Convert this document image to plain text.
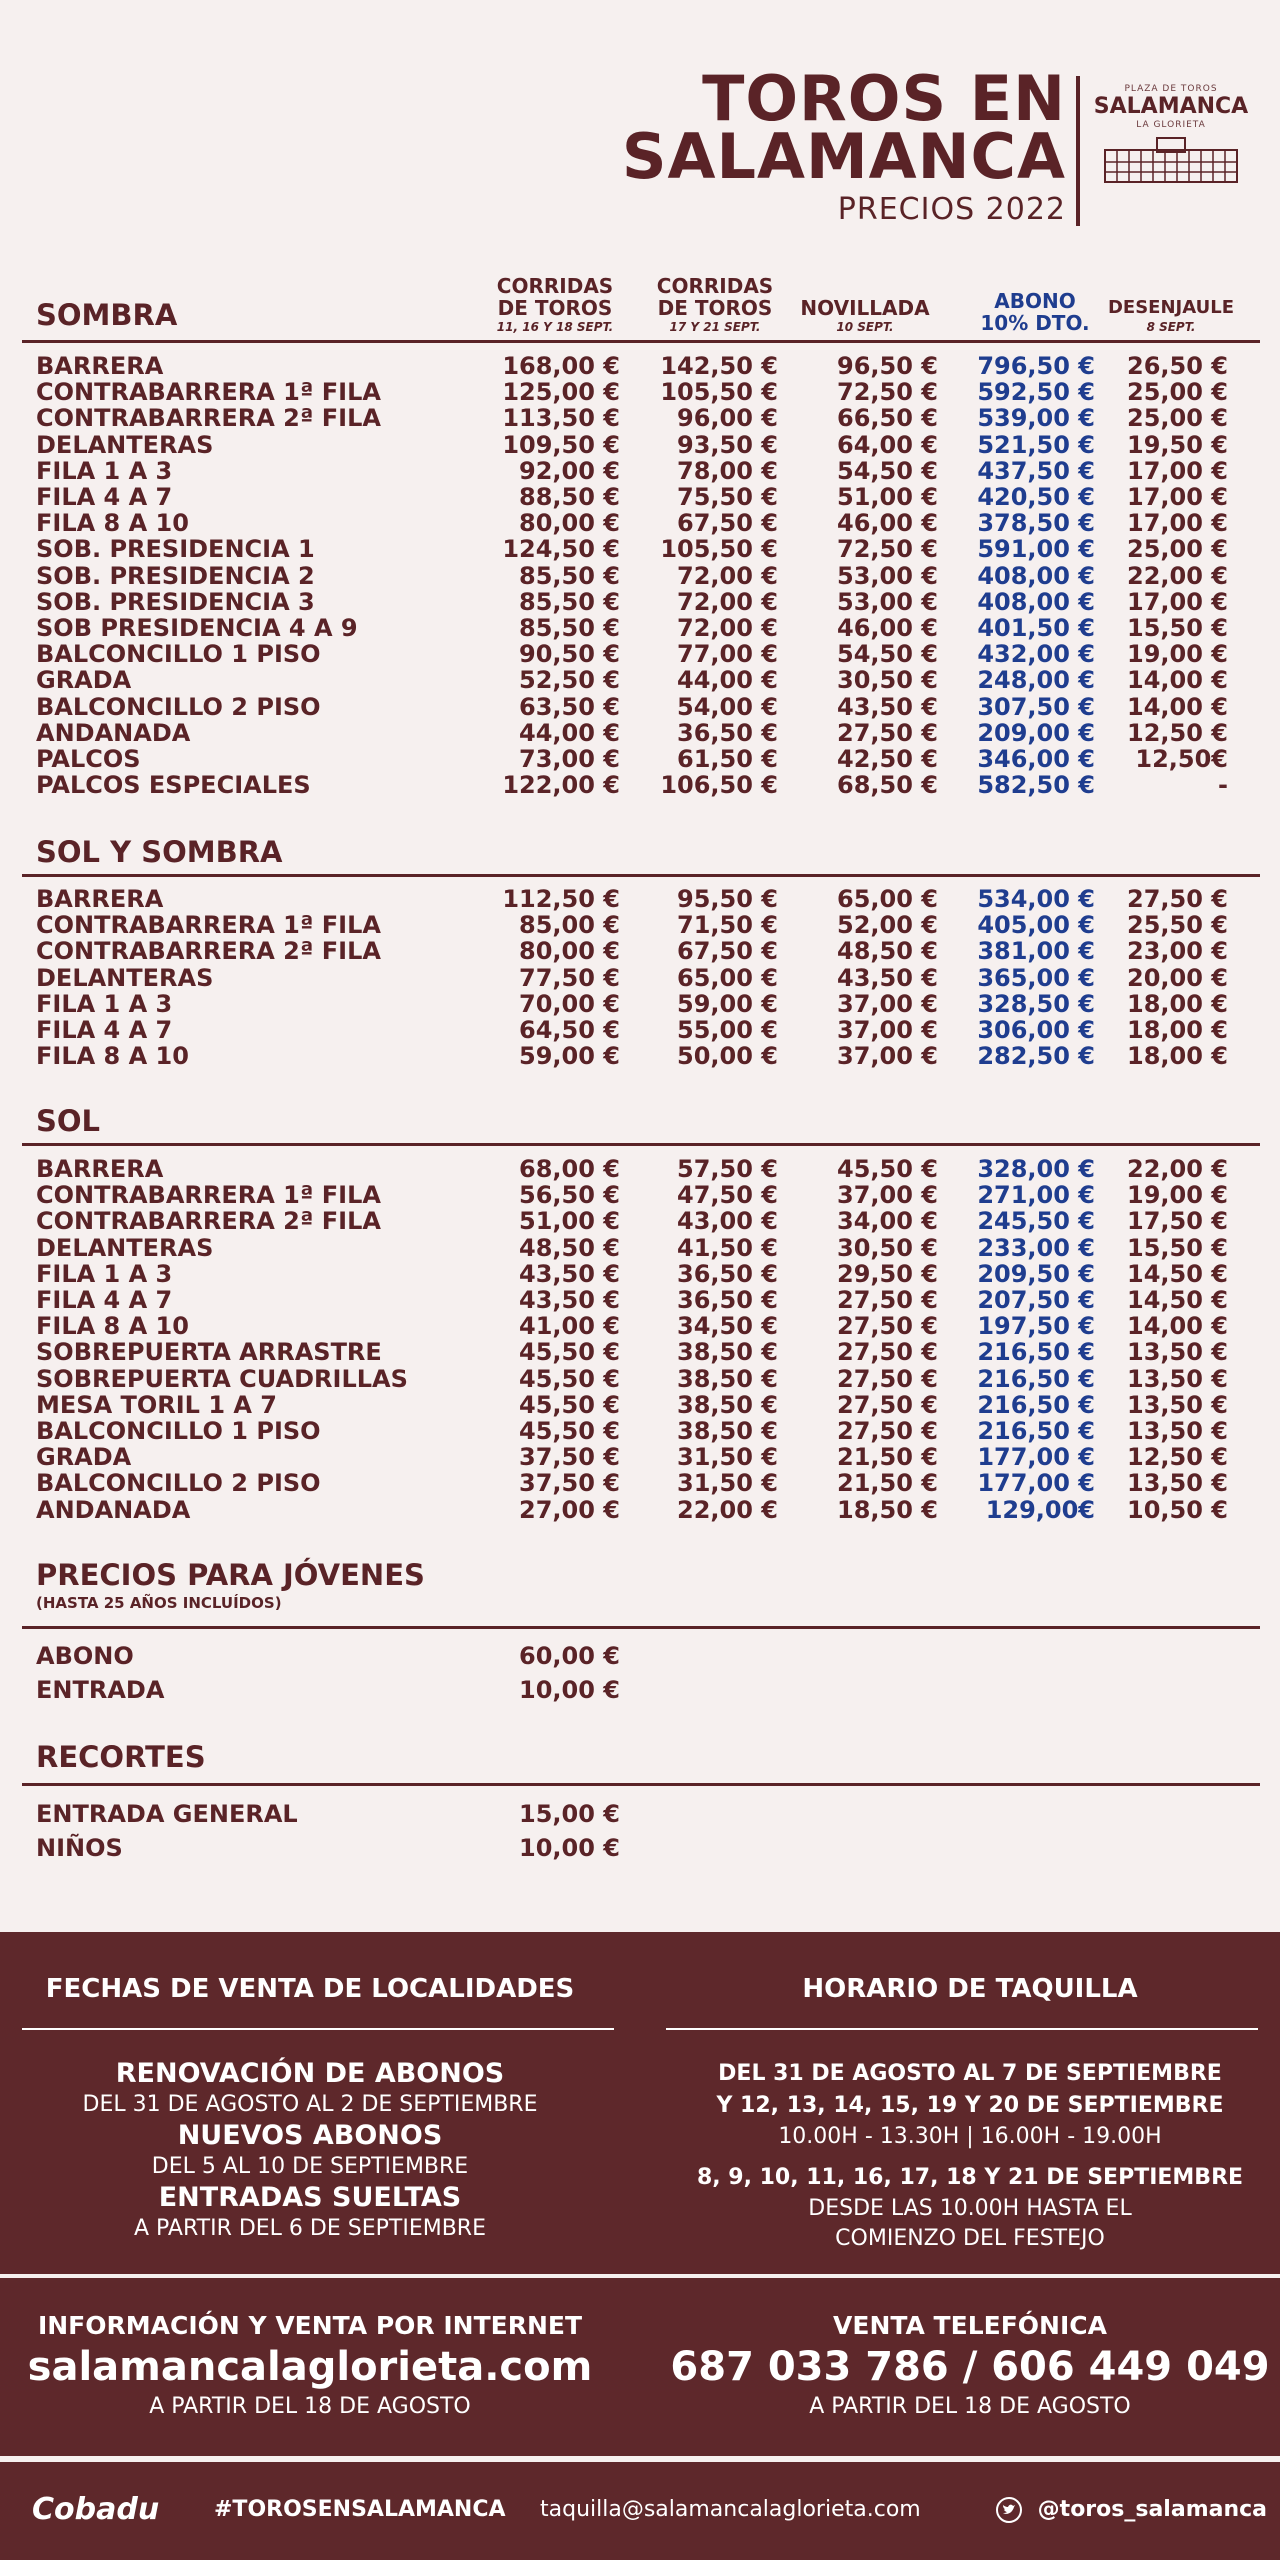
TOROS EN
SALAMANCA
PRECIOS 2022
PLAZA DE TOROS
SALAMANCA
LA GLORIETA
CORRIDAS
DE TOROS
11, 16 Y 18 SEPT.
CORRIDAS
DE TOROS
17 Y 21 SEPT.
NOVILLADA
10 SEPT.
ABONO
10% DTO.
DESENJAULE
8 SEPT.
SOMBRA
BARRERA	168,00 € 142,50 € 96,50 € 796,50 € 26,50 €
CONTRABARRERA 1ª FILA	125,00 € 105,50 € 72,50 € 592,50 € 25,00 €
CONTRABARRERA 2ª FILA	113,50 € 96,00 € 66,50 € 539,00 € 25,00 €
DELANTERAS	109,50 € 93,50 € 64,00 € 521,50 € 19,50 €
FILA 1 A 3	92,00 € 78,00 € 54,50 € 437,50 € 17,00 €
FILA 4 A 7	88,50 € 75,50 € 51,00 € 420,50 € 17,00 €
FILA 8 A 10	80,00 € 67,50 € 46,00 € 378,50 € 17,00 €
SOB. PRESIDENCIA 1	124,50 € 105,50 € 72,50 € 591,00 € 25,00 €
SOB. PRESIDENCIA 2	85,50 € 72,00 € 53,00 € 408,00 € 22,00 €
SOB. PRESIDENCIA 3	85,50 € 72,00 € 53,00 € 408,00 € 17,00 €
SOB PRESIDENCIA 4 A 9	85,50 € 72,00 € 46,00 € 401,50 € 15,50 €
BALCONCILLO 1 PISO	90,50 € 77,00 € 54,50 € 432,00 € 19,00 €
GRADA	52,50 € 44,00 € 30,50 € 248,00 € 14,00 €
BALCONCILLO 2 PISO	63,50 € 54,00 € 43,50 € 307,50 € 14,00 €
ANDANADA	44,00 € 36,50 € 27,50 € 209,00 € 12,50 €
PALCOS	73,00 € 61,50 € 42,50 € 346,00 € 12,50€
PALCOS ESPECIALES	122,00 € 106,50 € 68,50 € 582,50 €	-
SOL Y SOMBRA
BARRERA	112,50 € 95,50 € 65,00 € 534,00 € 27,50 €
CONTRABARRERA 1ª FILA	85,00 € 71,50 € 52,00 € 405,00 € 25,50 €
CONTRABARRERA 2ª FILA	80,00 € 67,50 € 48,50 € 381,00 € 23,00 €
DELANTERAS	77,50 € 65,00 € 43,50 € 365,00 € 20,00 €
FILA 1 A 3	70,00 € 59,00 € 37,00 € 328,50 € 18,00 €
FILA 4 A 7	64,50 € 55,00 € 37,00 € 306,00 € 18,00 €
FILA 8 A 10	59,00 € 50,00 € 37,00 € 282,50 € 18,00 €
SOL
BARRERA	68,00 € 57,50 € 45,50 € 328,00 € 22,00 €
CONTRABARRERA 1ª FILA	56,50 € 47,50 € 37,00 € 271,00 € 19,00 €
CONTRABARRERA 2ª FILA	51,00 € 43,00 € 34,00 € 245,50 € 17,50 €
DELANTERAS	48,50 € 41,50 € 30,50 € 233,00 € 15,50 €
FILA 1 A 3	43,50 € 36,50 € 29,50 € 209,50 € 14,50 €
FILA 4 A 7	43,50 € 36,50 € 27,50 € 207,50 € 14,50 €
FILA 8 A 10	41,00 € 34,50 € 27,50 € 197,50 € 14,00 €
SOBREPUERTA ARRASTRE	45,50 € 38,50 € 27,50 € 216,50 € 13,50 €
SOBREPUERTA CUADRILLAS	45,50 € 38,50 € 27,50 € 216,50 € 13,50 €
MESA TORIL 1 A 7	45,50 € 38,50 € 27,50 € 216,50 € 13,50 €
BALCONCILLO 1 PISO	45,50 € 38,50 € 27,50 € 216,50 € 13,50 €
GRADA	37,50 € 31,50 € 21,50 € 177,00 € 12,50 €
BALCONCILLO 2 PISO	37,50 € 31,50 € 21,50 € 177,00 € 13,50 €
ANDANADA	27,00 € 22,00 € 18,50 € 129,00€ 10,50 €
PRECIOS PARA JÓVENES
(HASTA 25 AÑOS INCLUÍDOS)
ABONO	60,00 €
ENTRADA	10,00 €
RECORTES
ENTRADA GENERAL	15,00 €
NIÑOS	10,00 €
FECHAS DE VENTA DE LOCALIDADES
RENOVACIÓN DE ABONOS
DEL 31 DE AGOSTO AL 2 DE SEPTIEMBRE
NUEVOS ABONOS
DEL 5 AL 10 DE SEPTIEMBRE
ENTRADAS SUELTAS
A PARTIR DEL 6 DE SEPTIEMBRE
HORARIO DE TAQUILLA
DEL 31 DE AGOSTO AL 7 DE SEPTIEMBRE
Y 12, 13, 14, 15, 19 Y 20 DE SEPTIEMBRE
10.00H - 13.30H | 16.00H - 19.00H
8, 9, 10, 11, 16, 17, 18 Y 21 DE SEPTIEMBRE
DESDE LAS 10.00H HASTA EL
COMIENZO DEL FESTEJO
INFORMACIÓN Y VENTA POR INTERNET
salamancalaglorieta.com
A PARTIR DEL 18 DE AGOSTO
VENTA TELEFÓNICA
687 033 786 / 606 449 049
A PARTIR DEL 18 DE AGOSTO
Cobadu #TOROSENSALAMANCA taquilla@salamancalaglorieta.com	@toros_salamanca
